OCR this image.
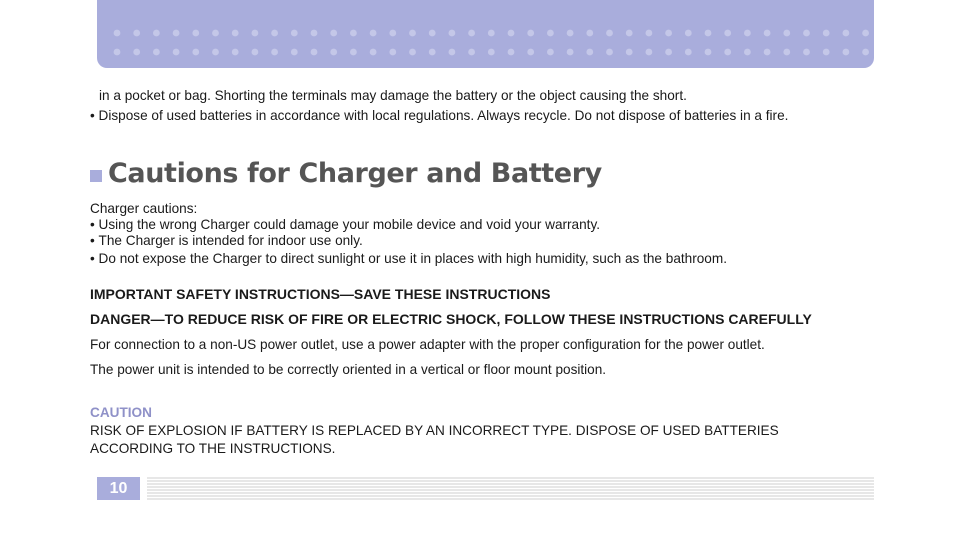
in a pocket or bag. Shorting the terminals may damage the battery or the object causing the short.

• Dispose of used batteries in accordance with local regulations. Always recycle. Do not dispose of batteries in a fire.

Cautions for Charger and Battery

Charger cautions:

• Using the wrong Charger could damage your mobile device and void your warranty.

• The Charger is intended for indoor use only.

• Do not expose the Charger to direct sunlight or use it in places with high humidity, such as the bathroom.

IMPORTANT SAFETY INSTRUCTIONS—SAVE THESE INSTRUCTIONS

DANGER—TO REDUCE RISK OF FIRE OR ELECTRIC SHOCK, FOLLOW THESE INSTRUCTIONS CAREFULLY

For connection to a non-US power outlet, use a power adapter with the proper configuration for the power outlet.

The power unit is intended to be correctly oriented in a vertical or floor mount position.

CAUTION

RISK OF EXPLOSION IF BATTERY IS REPLACED BY AN INCORRECT TYPE. DISPOSE OF USED BATTERIES

ACCORDING TO THE INSTRUCTIONS.

10
